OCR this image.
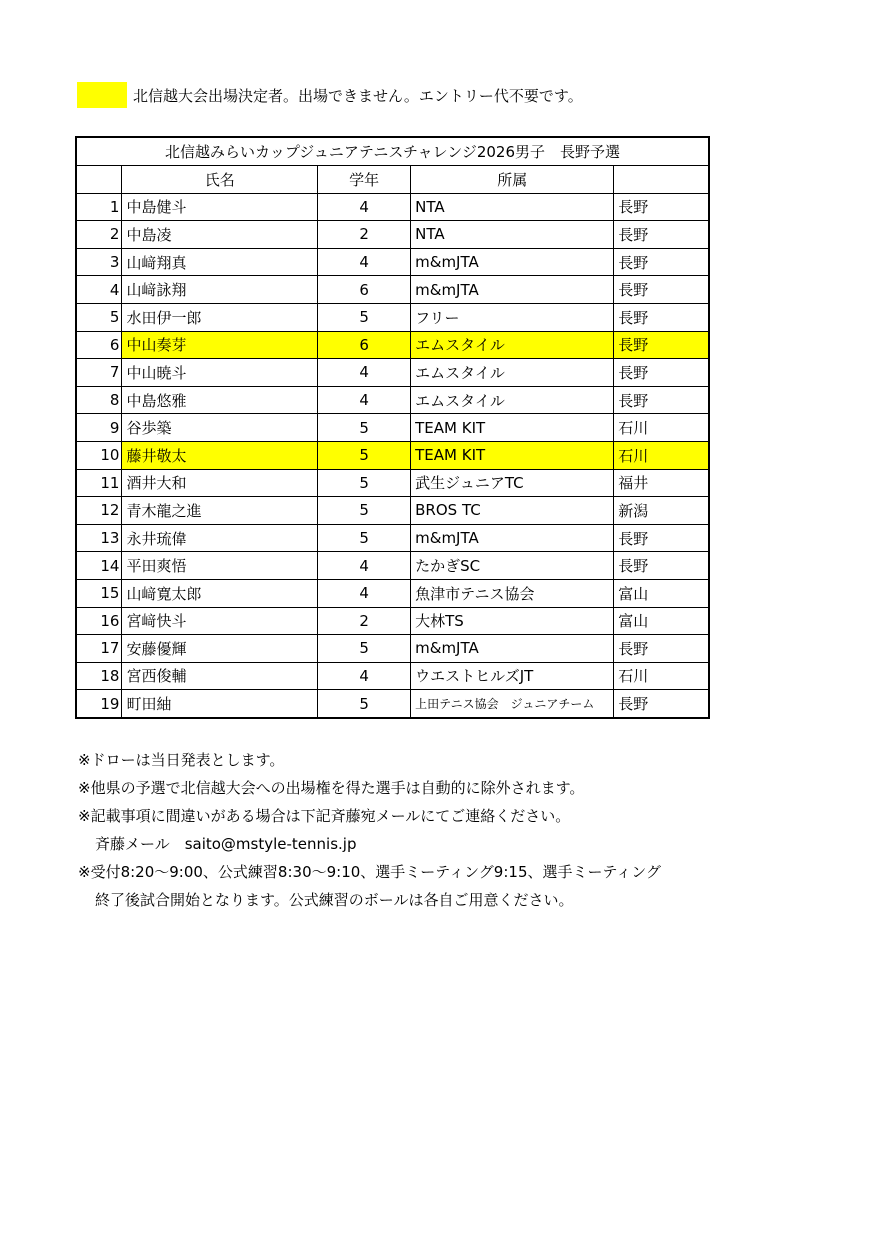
北信越大会出場決定者。出場できません。エントリー代不要です。
北信越みらいカップジュニアテニスチャレンジ2026男子　長野予選				
	氏名	学年	所属	
1	中島健斗	4	NTA	長野
2	中島凌	2	NTA	長野
3	山﨑翔真	4	m&mJTA	長野
4	山﨑詠翔	6	m&mJTA	長野
5	水田伊一郎	5	フリー	長野
6	中山奏芽	6	エムスタイル	長野
7	中山暁斗	4	エムスタイル	長野
8	中島悠雅	4	エムスタイル	長野
9	谷歩築	5	TEAM KIT	石川
10	藤井敬太	5	TEAM KIT	石川
11	酒井大和	5	武生ジュニアTC	福井
12	青木龍之進	5	BROS TC	新潟
13	永井琉偉	5	m&mJTA	長野
14	平田爽悟	4	たかぎSC	長野
15	山﨑寛太郎	4	魚津市テニス協会	富山
16	宮﨑快斗	2	大林TS	富山
17	安藤優輝	5	m&mJTA	長野
18	宮西俊輔	4	ウエストヒルズJT	石川
19	町田紬	5	上田テニス協会　ジュニアチーム	長野
※ドローは当日発表とします。
※他県の予選で北信越大会への出場権を得た選手は自動的に除外されます。
※記載事項に間違いがある場合は下記斉藤宛メールにてご連絡ください。
斉藤メール　saito@mstyle-tennis.jp
※受付8:20～9:00、公式練習8:30～9:10、選手ミーティング9:15、選手ミーティング
終了後試合開始となります。公式練習のボールは各自ご用意ください。
